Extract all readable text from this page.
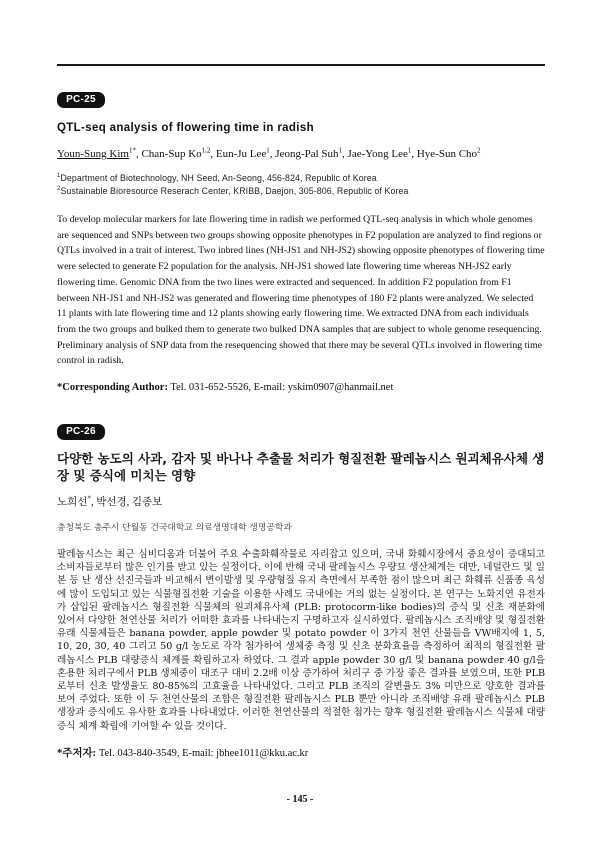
PC-25
QTL-seq analysis of flowering time in radish
Youn-Sung Kim$^{1*}$, Chan-Sup Ko$^{1,2}$, Eun-Ju Lee$^1$, Jeong-Pal Suh$^1$, Jae-Yong Lee$^1$, Hye-Sun Cho$^2$
$^1$Department of Biotechnology, NH Seed, An-Seong, 456-824, Republic of Korea
$^2$Sustainable Bioresource Reserach Center, KRIBB, Daejon, 305-806, Republic of Korea
To develop molecular markers for late flowering time in radish we performed QTL-seq analysis in which whole genomes are sequenced and SNPs between two groups showing opposite phenotypes in F2 population are analyzed to find regions or QTLs involved in a trait of interest. Two inbred lines (NH-JS1 and NH-JS2) showing opposite phenotypes of flowering time were selected to generate F2 population for the analysis. NH-JS1 showed late flowering time whereas NH-JS2 early flowering time. Genomic DNA from the two lines were extracted and sequenced. In addition F2 population from F1 between NH-JS1 and NH-JS2 was generated and flowering time phenotypes of 180 F2 plants were analyzed. We selected 11 plants with late flowering time and 12 plants showing early flowering time. We extracted DNA from each individuals from the two groups and bulked them to generate two bulked DNA samples that are subject to whole genome resequencing. Preliminary analysis of SNP data from the resequencing showed that there may be several QTLs involved in flowering time control in radish.
*Corresponding Author: Tel. 031-652-5526, E-mail: yskim0907@hanmail.net
PC-26
다양한 농도의 사과, 감자 및 바나나 추출물 처리가 형질전환 팔레놉시스 원괴체유사체 생장 및 증식에 미치는 영향
노희선*, 박선경, 김종보
충청북도 충주시 단월동 건국대학교 의료생명대학 생명공학과
팔레놉시스는 최근 심비디움과 더불어 주요 수출화훼작물로 자리잡고 있으며, 국내 화훼시장에서 중요성이 증대되고 소비자들로부터 많은 인기를 받고 있는 실정이다. 이에 반해 국내 팔레놉시스 우량묘 생산체계는 대만, 네덜란드 및 일본 등 난 생산 선진국들과 비교해서 변이발생 및 우량형질 유지 측면에서 부족한 점이 많으며 최근 화훼류 신품종 육성에 많이 도입되고 있는 식물형질전환 기술을 이용한 사례도 국내에는 거의 없는 실정이다. 본 연구는 노화지연 유전자가 삽입된 팔레놉시스 형질전환 식물체의 원괴체유사체 (PLB: protocorm-like bodies)의 증식 및 신초 재분화에 있어서 다양한 천연산물 처리가 어떠한 효과를 나타내는지 구명하고자 실시하였다. 팔레놉시스 조직배양 및 형질전환 유래 식물체들은 banana powder, apple powder 및 potato powder 이 3가지 천연 산물들을 VW배지에 1, 5, 10, 20, 30, 40 그리고 50 g/l 농도로 각각 첨가하여 생체중 측정 및 신초 분화효율을 측정하여 최적의 형질전환 팔레놉시스 PLB 대량증식 체계를 확립하고자 하였다. 그 결과 apple powder 30 g/l 및 banana powder 40 g/l을 혼용한 처리구에서 PLB 생체중이 대조구 대비 2.2배 이상 증가하여 처리구 중 가장 좋은 결과를 보였으며, 또한 PLB로부터 신초 발생율도 80-85%의 고효율을 나타내었다. 그리고 PLB 조직의 갈변율도 3% 미만으로 양호한 결과를 보여 주었다. 또한 이 두 천연산물의 조합은 형질전환 팔레놉시스 PLB 뿐만 아니라 조직배양 유래 팔레놉시스 PLB 생장과 증식에도 유사한 효과를 나타내었다. 이러한 천연산물의 적절한 첨가는 향후 형질전환 팔레놉시스 식물체 대량증식 체계 확립에 기여할 수 있을 것이다.
*주저자: Tel. 043-840-3549, E-mail: jbhee1011@kku.ac.kr
- 145 -
